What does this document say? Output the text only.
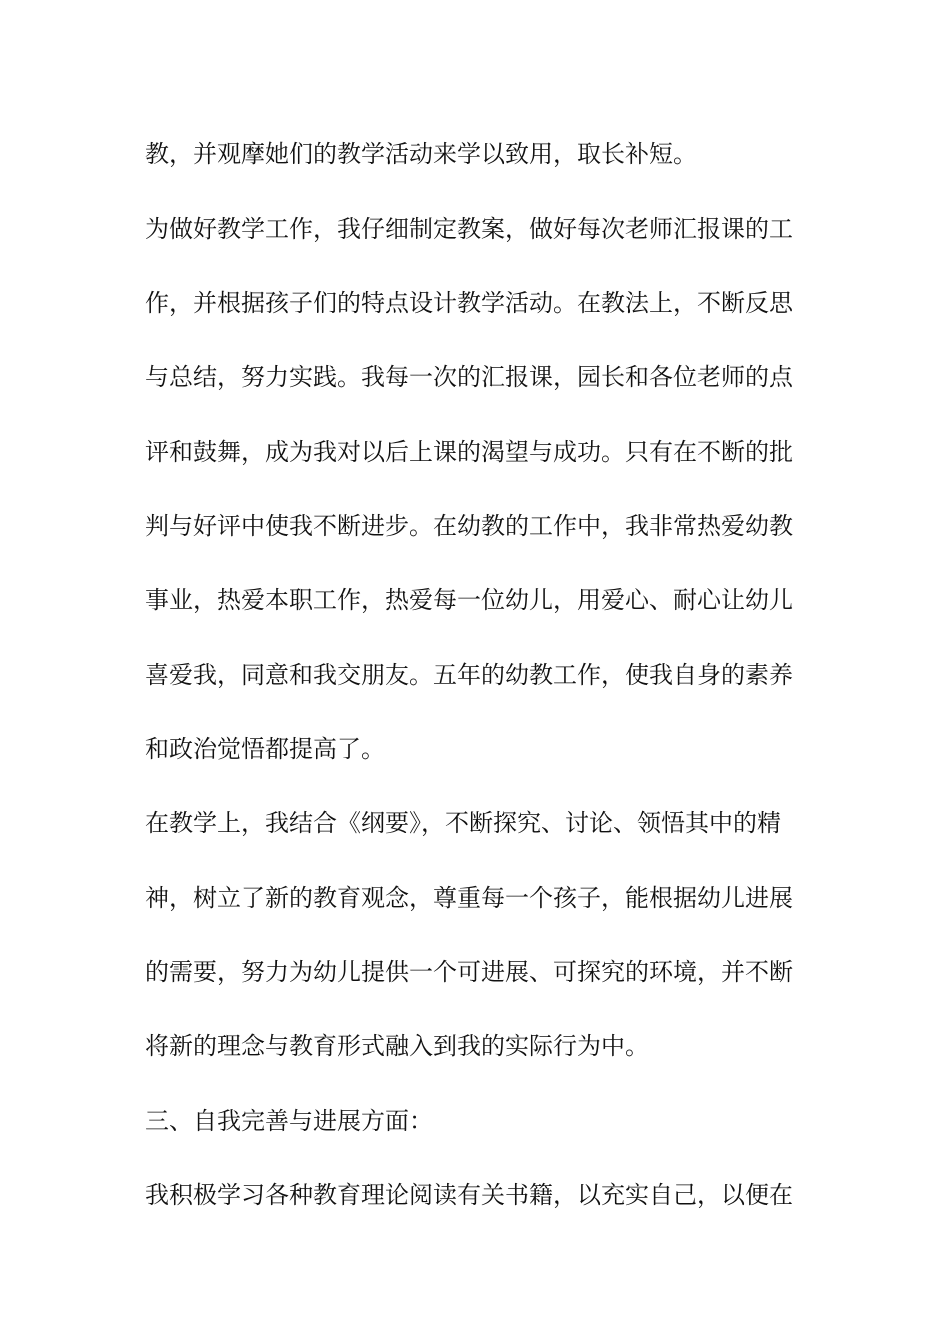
教，并观摩她们的教学活动来学以致用，取长补短。
为做好教学工作，我仔细制定教案，做好每次老师汇报课的工
作，并根据孩子们的特点设计教学活动。在教法上，不断反思
与总结，努力实践。我每一次的汇报课，园长和各位老师的点
评和鼓舞，成为我对以后上课的渴望与成功。只有在不断的批
判与好评中使我不断进步。在幼教的工作中，我非常热爱幼教
事业，热爱本职工作，热爱每一位幼儿，用爱心、耐心让幼儿
喜爱我，同意和我交朋友。五年的幼教工作，使我自身的素养
和政治觉悟都提高了。
在教学上，我结合《纲要》，不断探究、讨论、领悟其中的精
神，树立了新的教育观念，尊重每一个孩子，能根据幼儿进展
的需要，努力为幼儿提供一个可进展、可探究的环境，并不断
将新的理念与教育形式融入到我的实际行为中。
三、自我完善与进展方面：
我积极学习各种教育理论阅读有关书籍，以充实自己，以便在
